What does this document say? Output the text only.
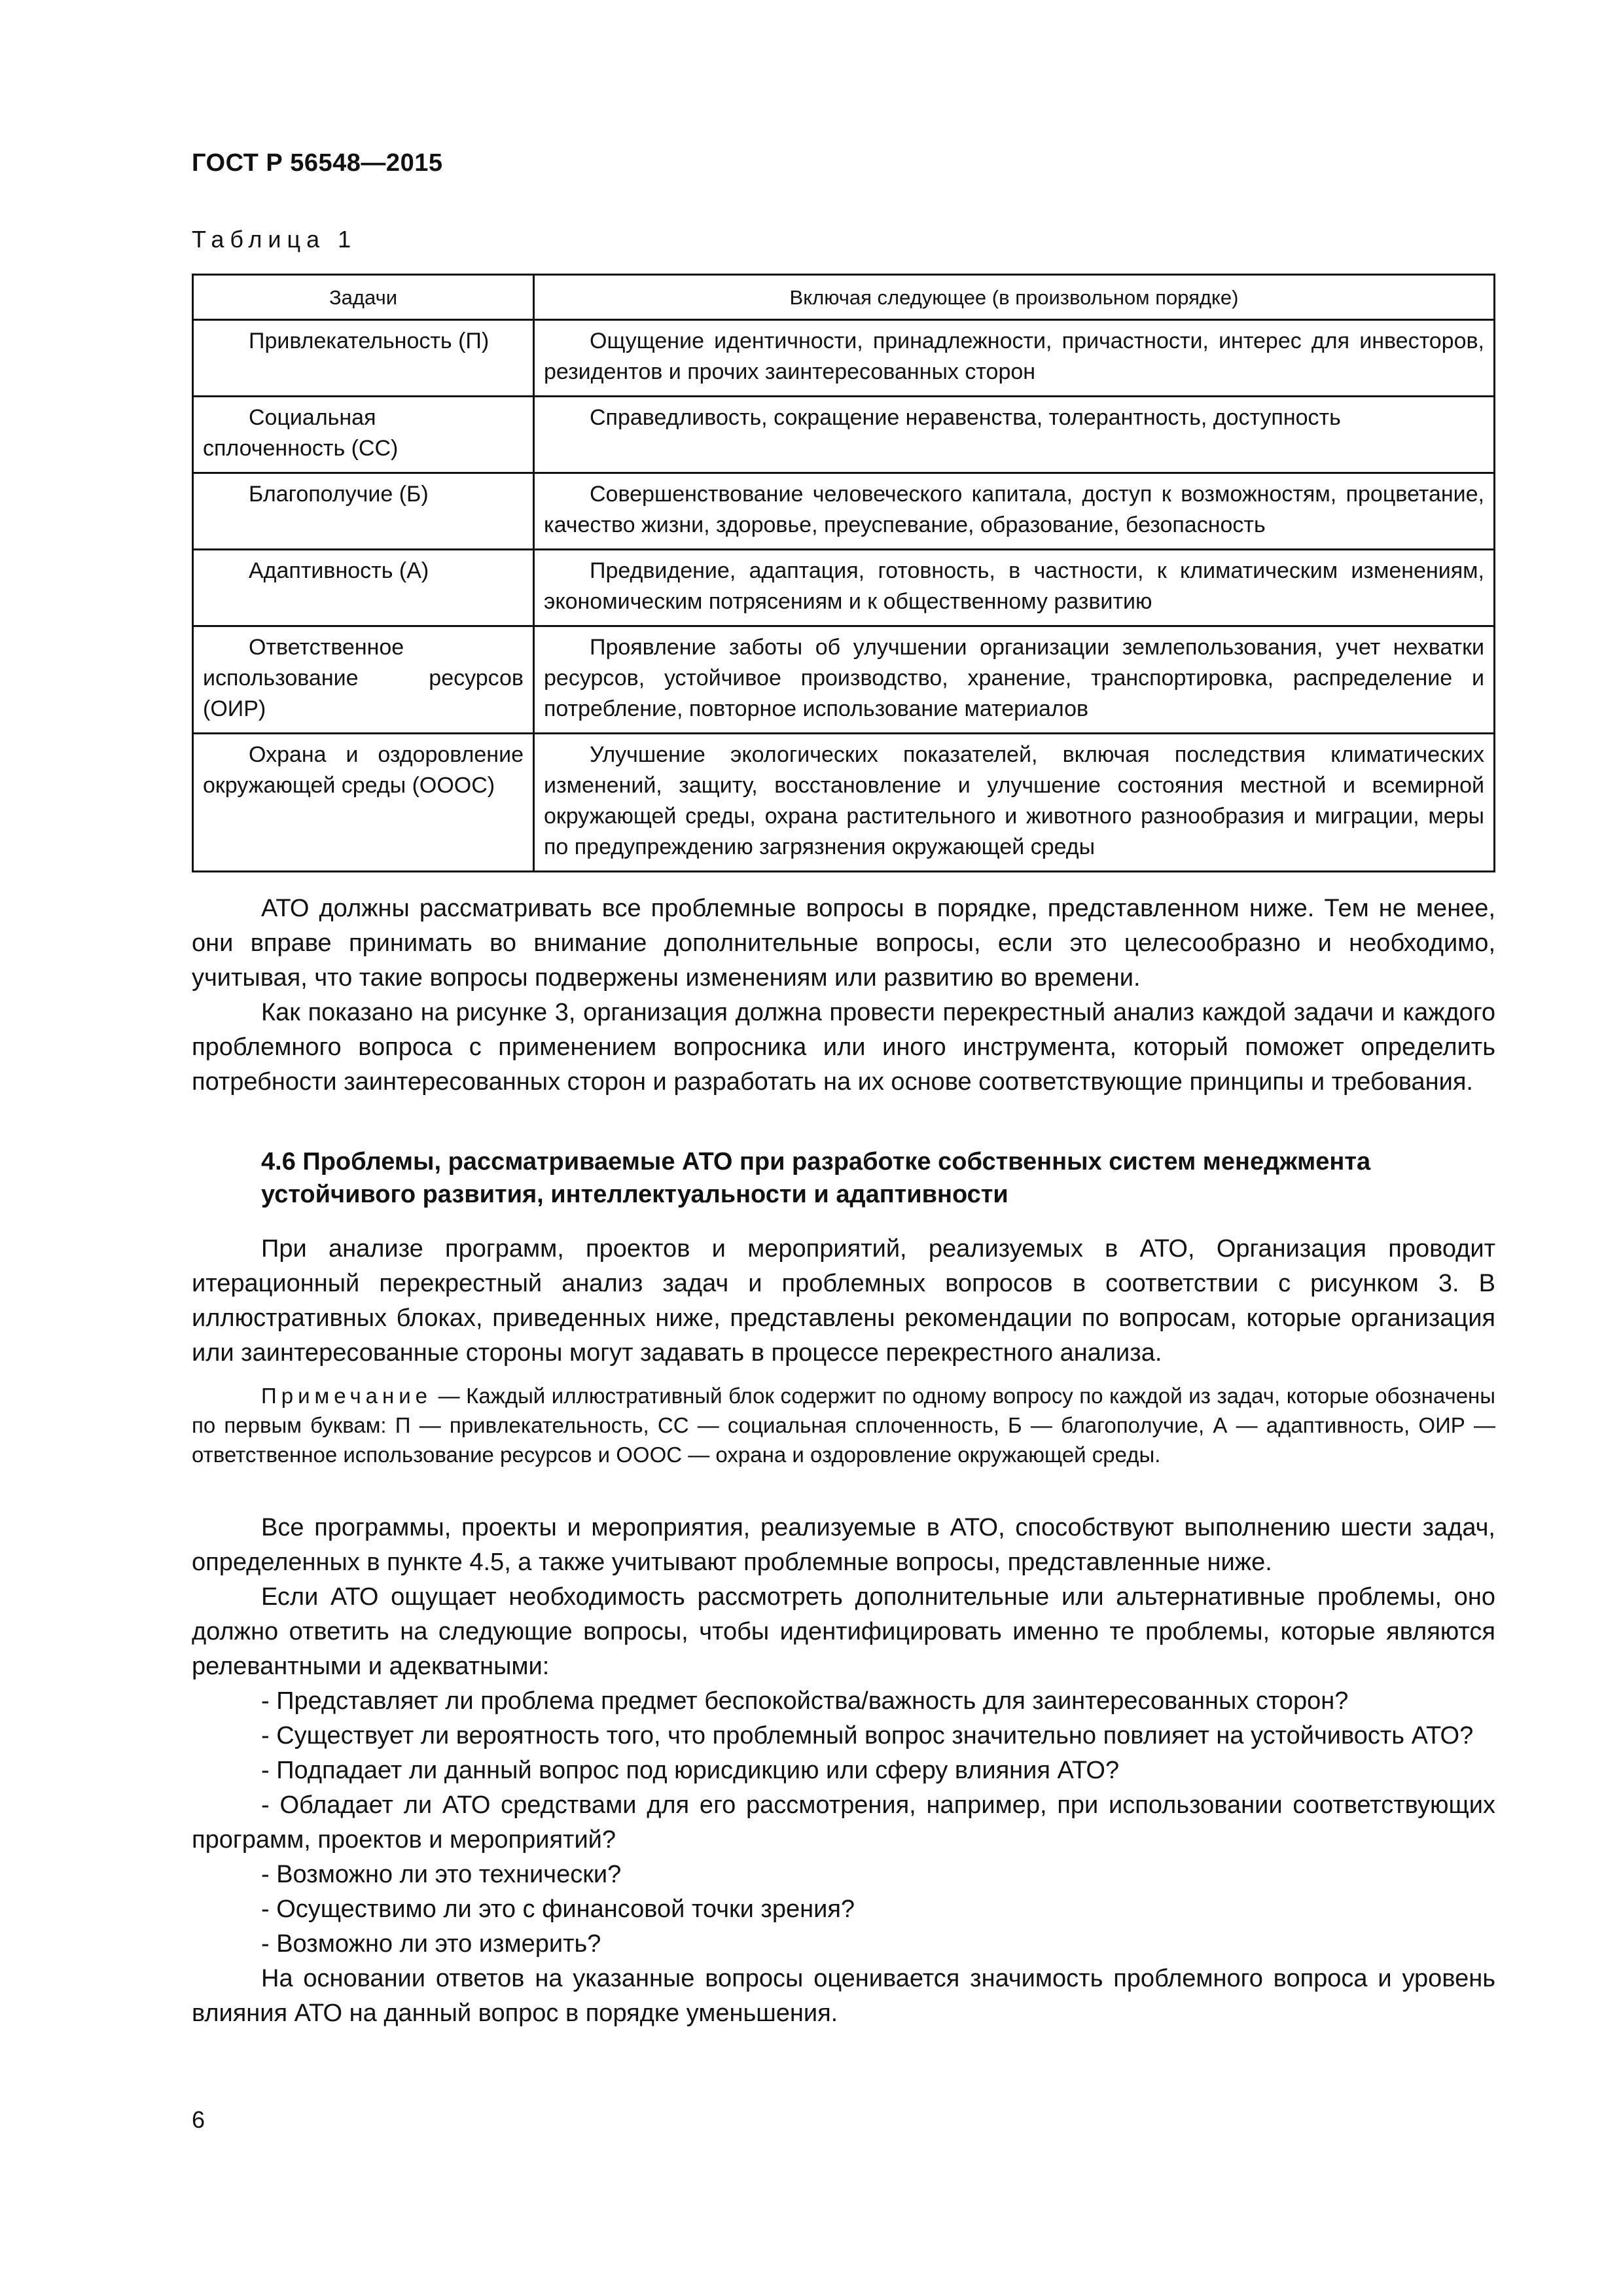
ГОСТ Р 56548—2015
Таблица 1
Задачи	Включая следующее (в произвольном порядке)
Привлекательность (П)	Ощущение идентичности, принадлежности, причастности, интерес для инвесторов, резидентов и прочих заинтересованных сторон
Социальная сплоченность (СС)	Справедливость, сокращение неравенства, толерантность, доступность
Благополучие (Б)	Совершенствование человеческого капитала, доступ к возможностям, процветание, качество жизни, здоровье, преуспевание, образование, безопасность
Адаптивность (А)	Предвидение, адаптация, готовность, в частности, к климатическим изменениям, экономическим потрясениям и к общественному развитию
Ответственное использование ресурсов (ОИР)	Проявление заботы об улучшении организации землепользования, учет нехватки ресурсов, устойчивое производство, хранение, транспортировка, распределение и потребление, повторное использование материалов
Охрана и оздоровление окружающей среды (ОООС)	Улучшение экологических показателей, включая последствия климатических изменений, защиту, восстановление и улучшение состояния местной и всемирной окружающей среды, охрана растительного и животного разнообразия и миграции, меры по предупреждению загрязнения окружающей среды

АТО должны рассматривать все проблемные вопросы в порядке, представленном ниже. Тем не менее, они вправе принимать во внимание дополнительные вопросы, если это целесообразно и необходимо, учитывая, что такие вопросы подвержены изменениям или развитию во времени.

Как показано на рисунке 3, организация должна провести перекрестный анализ каждой задачи и каждого проблемного вопроса с применением вопросника или иного инструмента, который поможет определить потребности заинтересованных сторон и разработать на их основе соответствующие принципы и требования.

4.6 Проблемы, рассматриваемые АТО при разработке собственных систем менеджмента устойчивого развития, интеллектуальности и адаптивности

При анализе программ, проектов и мероприятий, реализуемых в АТО, Организация проводит итерационный перекрестный анализ задач и проблемных вопросов в соответствии с рисунком 3. В иллюстративных блоках, приведенных ниже, представлены рекомендации по вопросам, которые организация или заинтересованные стороны могут задавать в процессе перекрестного анализа.

Примечание — Каждый иллюстративный блок содержит по одному вопросу по каждой из задач, которые обозначены по первым буквам: П — привлекательность, СС — социальная сплоченность, Б — благополучие, А — адаптивность, ОИР — ответственное использование ресурсов и ОООС — охрана и оздоровление окружающей среды.

Все программы, проекты и мероприятия, реализуемые в АТО, способствуют выполнению шести задач, определенных в пункте 4.5, а также учитывают проблемные вопросы, представленные ниже.

Если АТО ощущает необходимость рассмотреть дополнительные или альтернативные проблемы, оно должно ответить на следующие вопросы, чтобы идентифицировать именно те проблемы, которые являются релевантными и адекватными:

- Представляет ли проблема предмет беспокойства/важность для заинтересованных сторон?

- Существует ли вероятность того, что проблемный вопрос значительно повлияет на устойчивость АТО?

- Подпадает ли данный вопрос под юрисдикцию или сферу влияния АТО?

- Обладает ли АТО средствами для его рассмотрения, например, при использовании соответствующих программ, проектов и мероприятий?

- Возможно ли это технически?

- Осуществимо ли это с финансовой точки зрения?

- Возможно ли это измерить?

На основании ответов на указанные вопросы оценивается значимость проблемного вопроса и уровень влияния АТО на данный вопрос в порядке уменьшения.

6
